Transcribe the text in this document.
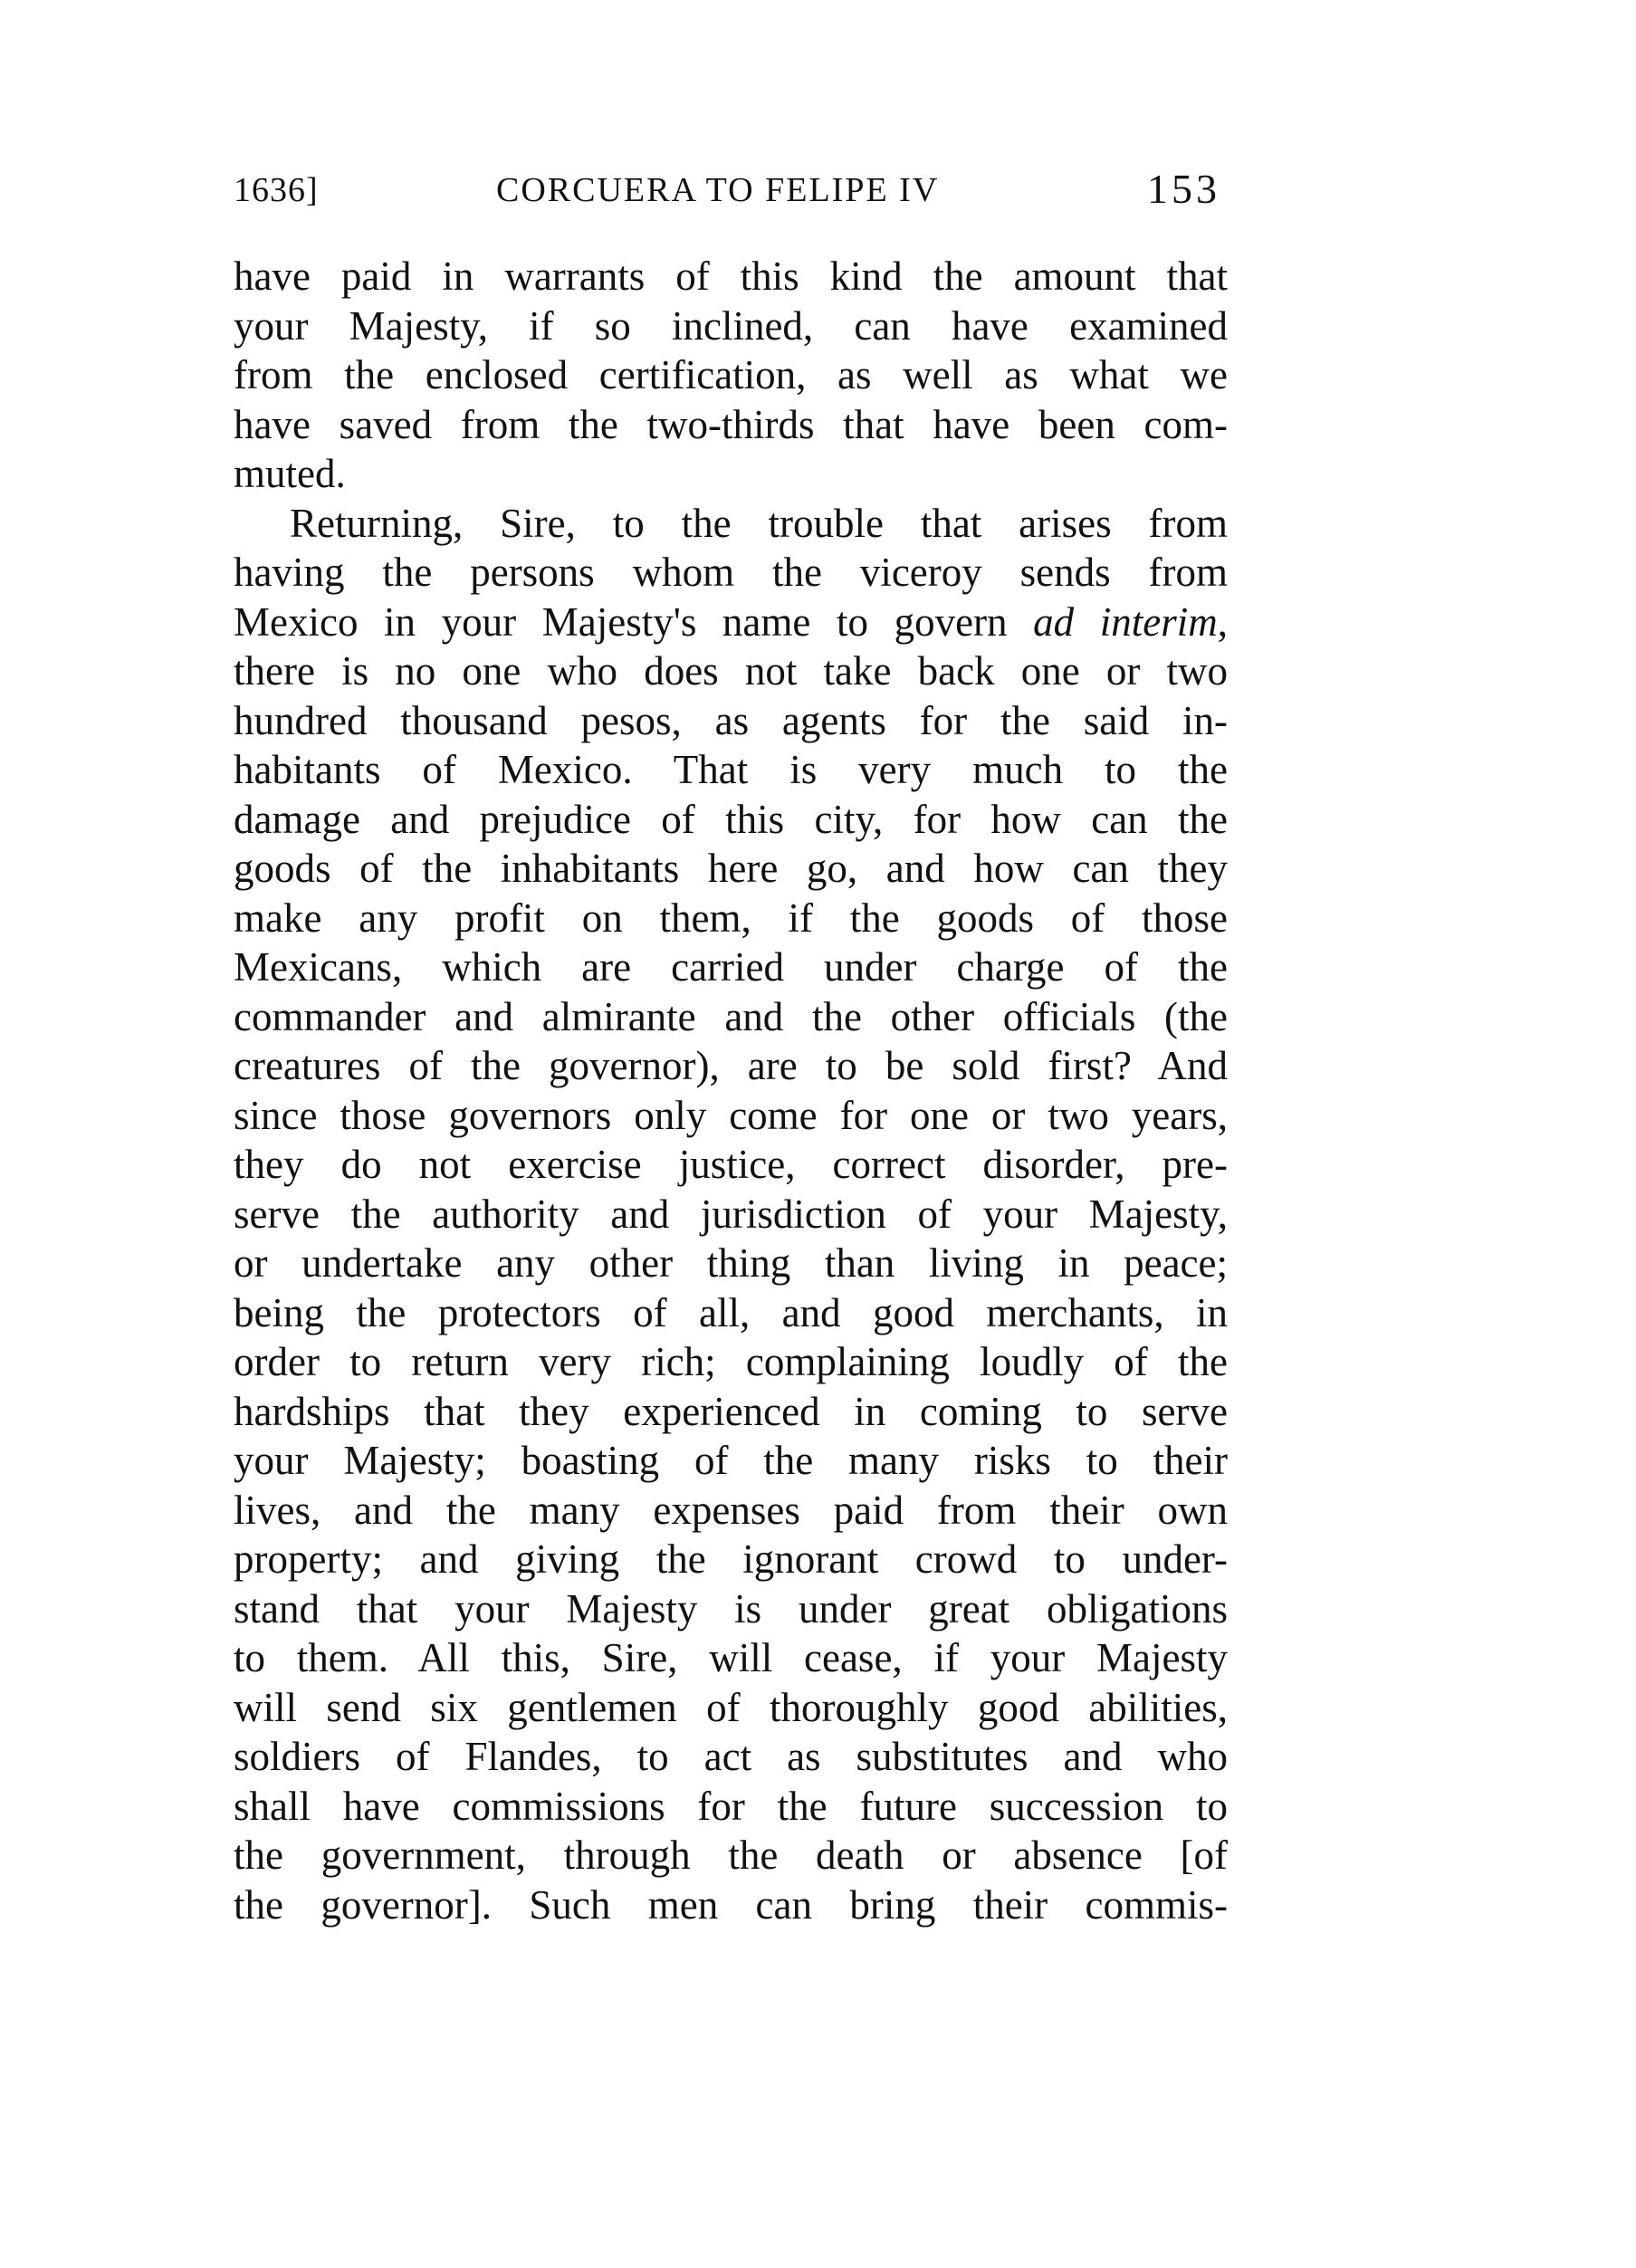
1636]	CORCUERA TO FELIPE IV	153
have paid in warrants of this kind the amount that
your Majesty, if so inclined, can have examined
from the enclosed certification, as well as what we
have saved from the two-thirds that have been com-
muted.
Returning, Sire, to the trouble that arises from
having the persons whom the viceroy sends from
Mexico in your Majesty's name to govern ad interim,
there is no one who does not take back one or two
hundred thousand pesos, as agents for the said in-
habitants of Mexico. That is very much to the
damage and prejudice of this city, for how can the
goods of the inhabitants here go, and how can they
make any profit on them, if the goods of those
Mexicans, which are carried under charge of the
commander and almirante and the other officials (the
creatures of the governor), are to be sold first? And
since those governors only come for one or two years,
they do not exercise justice, correct disorder, pre-
serve the authority and jurisdiction of your Majesty,
or undertake any other thing than living in peace;
being the protectors of all, and good merchants, in
order to return very rich; complaining loudly of the
hardships that they experienced in coming to serve
your Majesty; boasting of the many risks to their
lives, and the many expenses paid from their own
property; and giving the ignorant crowd to under-
stand that your Majesty is under great obligations
to them. All this, Sire, will cease, if your Majesty
will send six gentlemen of thoroughly good abilities,
soldiers of Flandes, to act as substitutes and who
shall have commissions for the future succession to
the government, through the death or absence [of
the governor]. Such men can bring their commis-
